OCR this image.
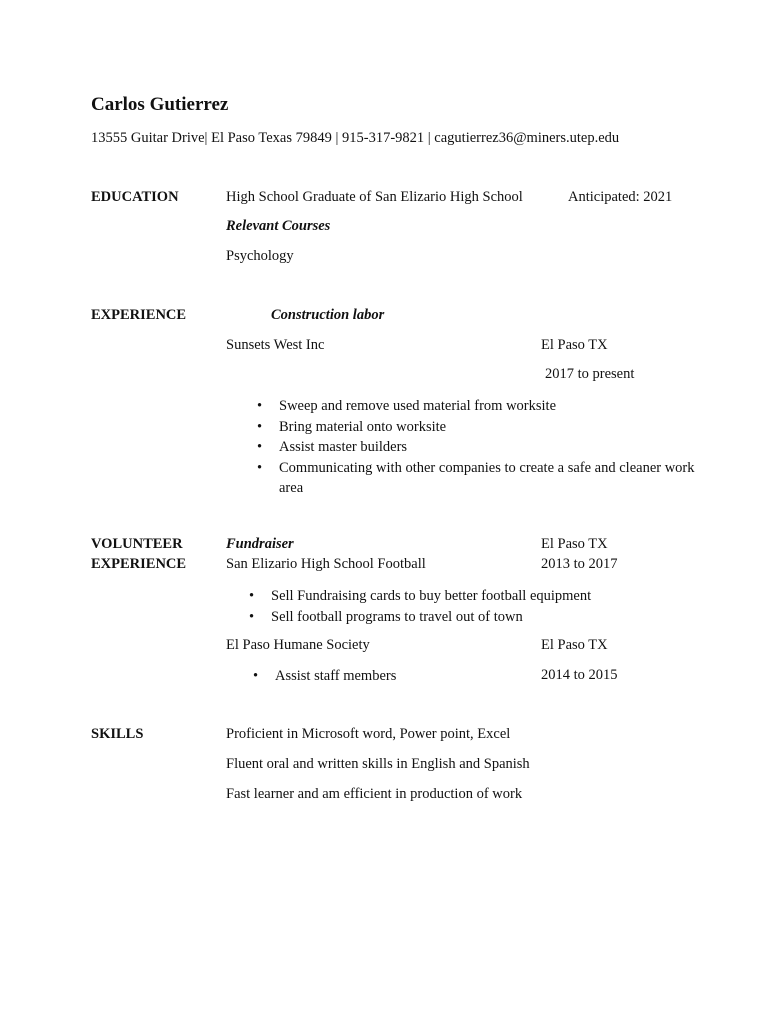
Carlos Gutierrez
13555 Guitar Drive| El Paso Texas 79849 | 915-317-9821 | cagutierrez36@miners.utep.edu
EDUCATION	High School Graduate of San Elizario High School	Anticipated: 2021
Relevant Courses
Psychology
EXPERIENCE	Construction labor
Sunsets West Inc	El Paso TX
2017 to present
• Sweep and remove used material from worksite
• Bring material onto worksite
• Assist master builders
• Communicating with other companies to create a safe and cleaner work area
VOLUNTEER
EXPERIENCE
Fundraiser	El Paso TX
San Elizario High School Football	2013 to 2017
• Sell Fundraising cards to buy better football equipment
• Sell football programs to travel out of town
El Paso Humane Society	El Paso TX
• Assist staff members	2014 to 2015
SKILLS	Proficient in Microsoft word, Power point, Excel
Fluent oral and written skills in English and Spanish
Fast learner and am efficient in production of work
